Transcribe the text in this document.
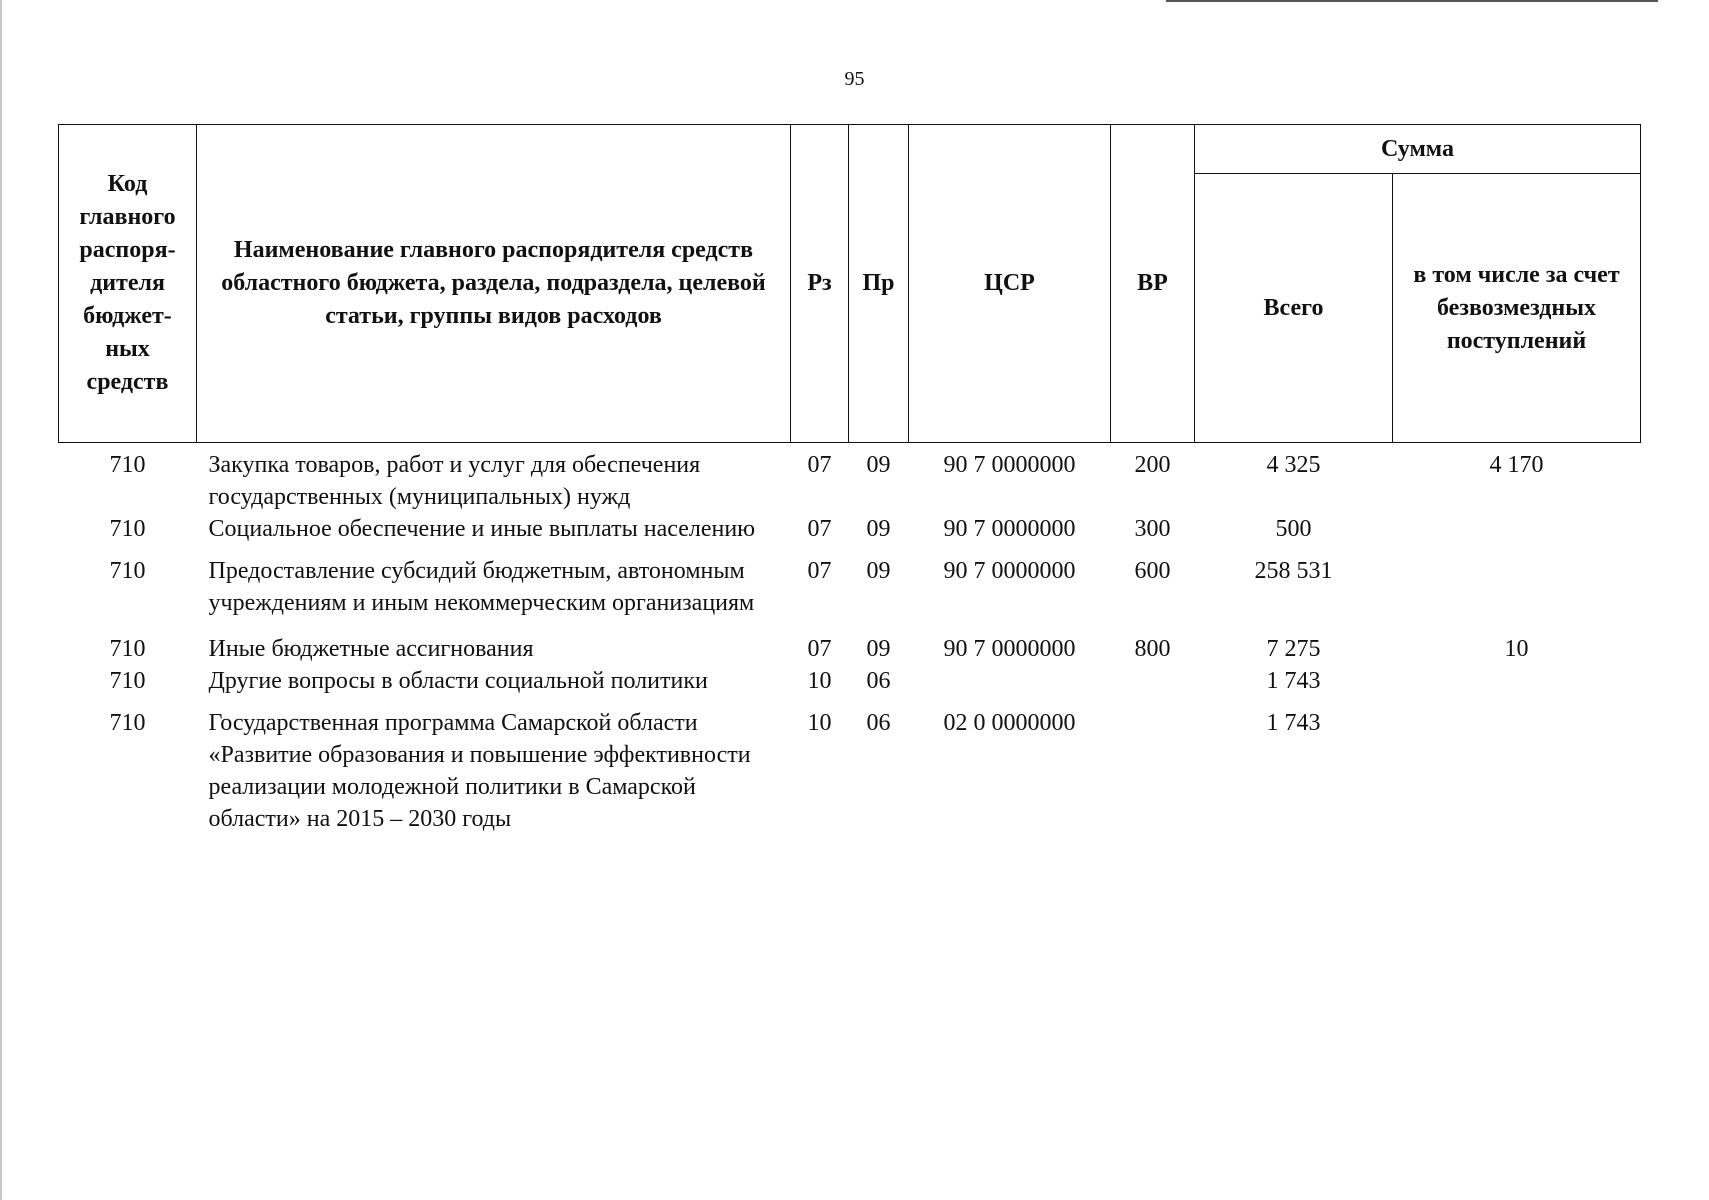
95
Код главного распоря-дителя бюджет-ных средств	Наименование главного распорядителя средств областного бюджета, раздела, подраздела, целевой статьи, группы видов расходов	Рз	Пр	ЦСР	ВР	Сумма	
						Всего	в том числе за счет безвозмездных поступлений
710	Закупка товаров, работ и услуг для обеспечения государственных (муниципальных) нужд	07	09	90 7 0000000	200	4 325	4 170
710	Социальное обеспечение и иные выплаты населению	07	09	90 7 0000000	300	500	
710	Предоставление субсидий бюджетным, автономным учреждениям и иным некоммерческим организациям	07	09	90 7 0000000	600	258 531	
710	Иные бюджетные ассигнования	07	09	90 7 0000000	800	7 275	10
710	Другие вопросы в области социальной политики	10	06			1 743	
710	Государственная программа Самарской области «Развитие образования и повышение эффективности реализации молодежной политики в Самарской области» на 2015 – 2030 годы	10	06	02 0 0000000		1 743	
